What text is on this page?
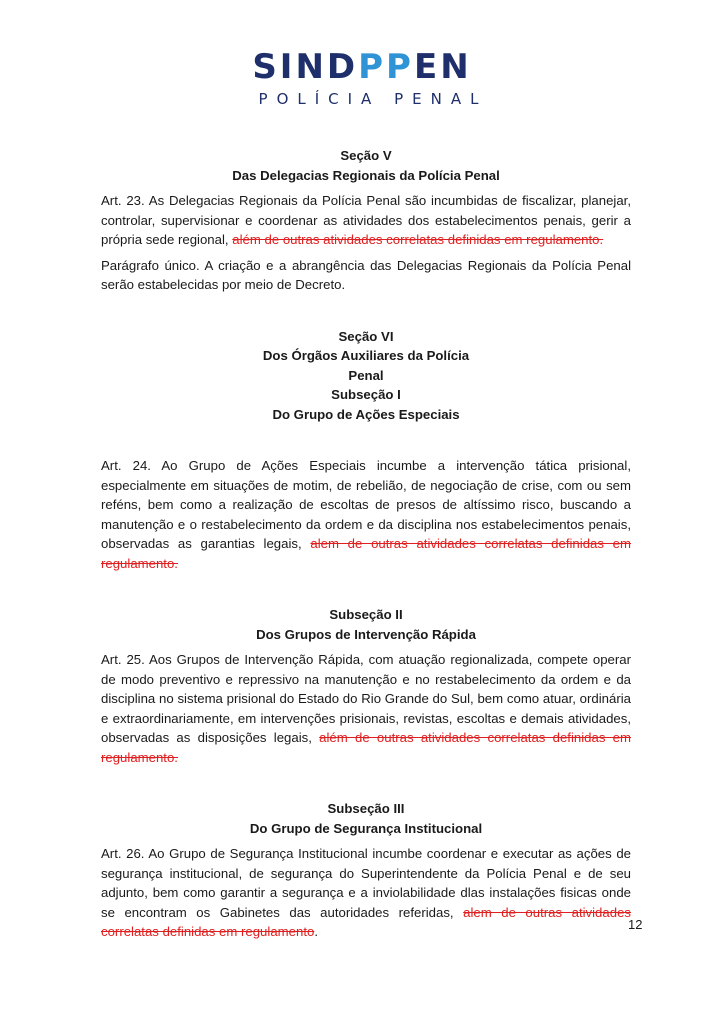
SINDPPEN
POLÍCIA PENAL
Seção V
Das Delegacias Regionais da Polícia Penal

Art. 23. As Delegacias Regionais da Polícia Penal são incumbidas de fiscalizar, planejar, controlar, supervisionar e coordenar as atividades dos estabelecimentos penais, gerir a própria sede regional, além de outras atividades correlatas definidas em regulamento.

Parágrafo único. A criação e a abrangência das Delegacias Regionais da Polícia Penal serão estabelecidas por meio de Decreto.

Seção VI
Dos Órgãos Auxiliares da Polícia
Penal
Subseção I
Do Grupo de Ações Especiais

Art. 24. Ao Grupo de Ações Especiais incumbe a intervenção tática prisional, especialmente em situações de motim, de rebelião, de negociação de crise, com ou sem reféns, bem como a realização de escoltas de presos de altíssimo risco, buscando a manutenção e o restabelecimento da ordem e da disciplina nos estabelecimentos penais, observadas as garantias legais, alem de outras atividades correlatas definidas em regulamento.

Subseção II
Dos Grupos de Intervenção Rápida

Art. 25. Aos Grupos de Intervenção Rápida, com atuação regionalizada, compete operar de modo preventivo e repressivo na manutenção e no restabelecimento da ordem e da disciplina no sistema prisional do Estado do Rio Grande do Sul, bem como atuar, ordinária e extraordinariamente, em intervenções prisionais, revistas, escoltas e demais atividades, observadas as disposições legais, além de outras atividades correlatas definidas em regulamento.

Subseção III
Do Grupo de Segurança Institucional

Art. 26. Ao Grupo de Segurança Institucional incumbe coordenar e executar as ações de segurança institucional, de segurança do Superintendente da Polícia Penal e de seu adjunto, bem como garantir a segurança e a inviolabilidade dlas instalações fisicas onde se encontram os Gabinetes das autoridades referidas, alem de outras atividades correlatas definidas em regulamento.	12
